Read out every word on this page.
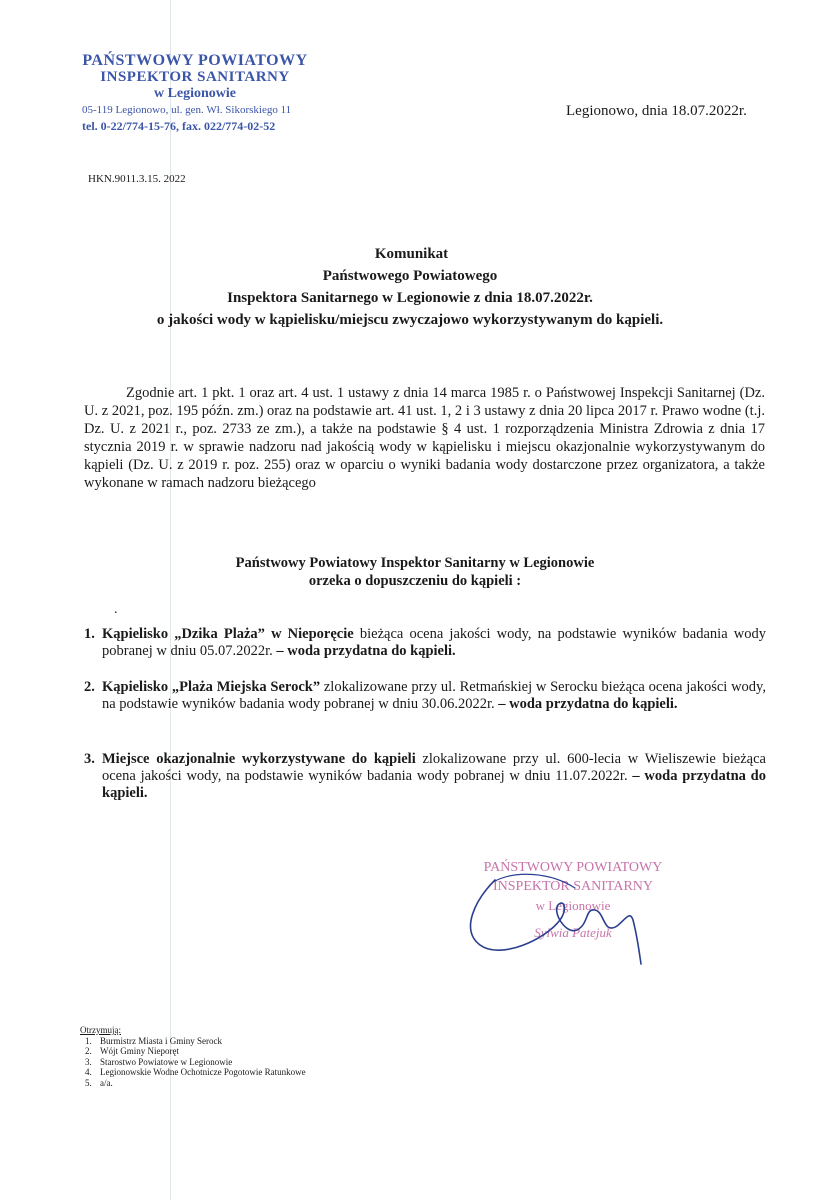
PAŃSTWOWY POWIATOWY
INSPEKTOR SANITARNY
w Legionowie
05-119 Legionowo, ul. gen. Wł. Sikorskiego 11
tel. 0-22/774-15-76, fax. 022/774-02-52
Legionowo, dnia 18.07.2022r.
HKN.9011.3.15. 2022
Komunikat
Państwowego Powiatowego
Inspektora Sanitarnego w Legionowie z dnia 18.07.2022r.
o jakości wody w kąpielisku/miejscu zwyczajowo wykorzystywanym do kąpieli.

Zgodnie art. 1 pkt. 1 oraz art. 4 ust. 1 ustawy z dnia 14 marca 1985 r. o Państwowej Inspekcji Sanitarnej (Dz. U. z 2021, poz. 195 późn. zm.) oraz na podstawie art. 41 ust. 1, 2 i 3 ustawy z dnia 20 lipca 2017 r. Prawo wodne (t.j. Dz. U. z 2021 r., poz. 2733 ze zm.), a także na podstawie § 4 ust. 1 rozporządzenia Ministra Zdrowia z dnia 17 stycznia 2019 r. w sprawie nadzoru nad jakością wody w kąpielisku i miejscu okazjonalnie wykorzystywanym do kąpieli (Dz. U. z 2019 r. poz. 255) oraz w oparciu o wyniki badania wody dostarczone przez organizatora, a także wykonane w ramach nadzoru bieżącego

Państwowy Powiatowy Inspektor Sanitarny w Legionowie
orzeka o dopuszczeniu do kąpieli :
.
1. Kąpielisko „Dzika Plaża” w Nieporęcie bieżąca ocena jakości wody, na podstawie wyników badania wody pobranej w dniu 05.07.2022r. – woda przydatna do kąpieli.
2. Kąpielisko „Plaża Miejska Serock” zlokalizowane przy ul. Retmańskiej w Serocku bieżąca ocena jakości wody, na podstawie wyników badania wody pobranej w dniu 30.06.2022r. – woda przydatna do kąpieli.
3. Miejsce okazjonalnie wykorzystywane do kąpieli zlokalizowane przy ul. 600-lecia w Wieliszewie bieżąca ocena jakości wody, na podstawie wyników badania wody pobranej w dniu 11.07.2022r. – woda przydatna do kąpieli.
PAŃSTWOWY POWIATOWY
INSPEKTOR SANITARNY
w Legionowie
Sylwia Patejuk
Otrzymują:
1. Burmistrz Miasta i Gminy Serock
2. Wójt Gminy Nieporęt
3. Starostwo Powiatowe w Legionowie
4. Legionowskie Wodne Ochotnicze Pogotowie Ratunkowe
5. a/a.
